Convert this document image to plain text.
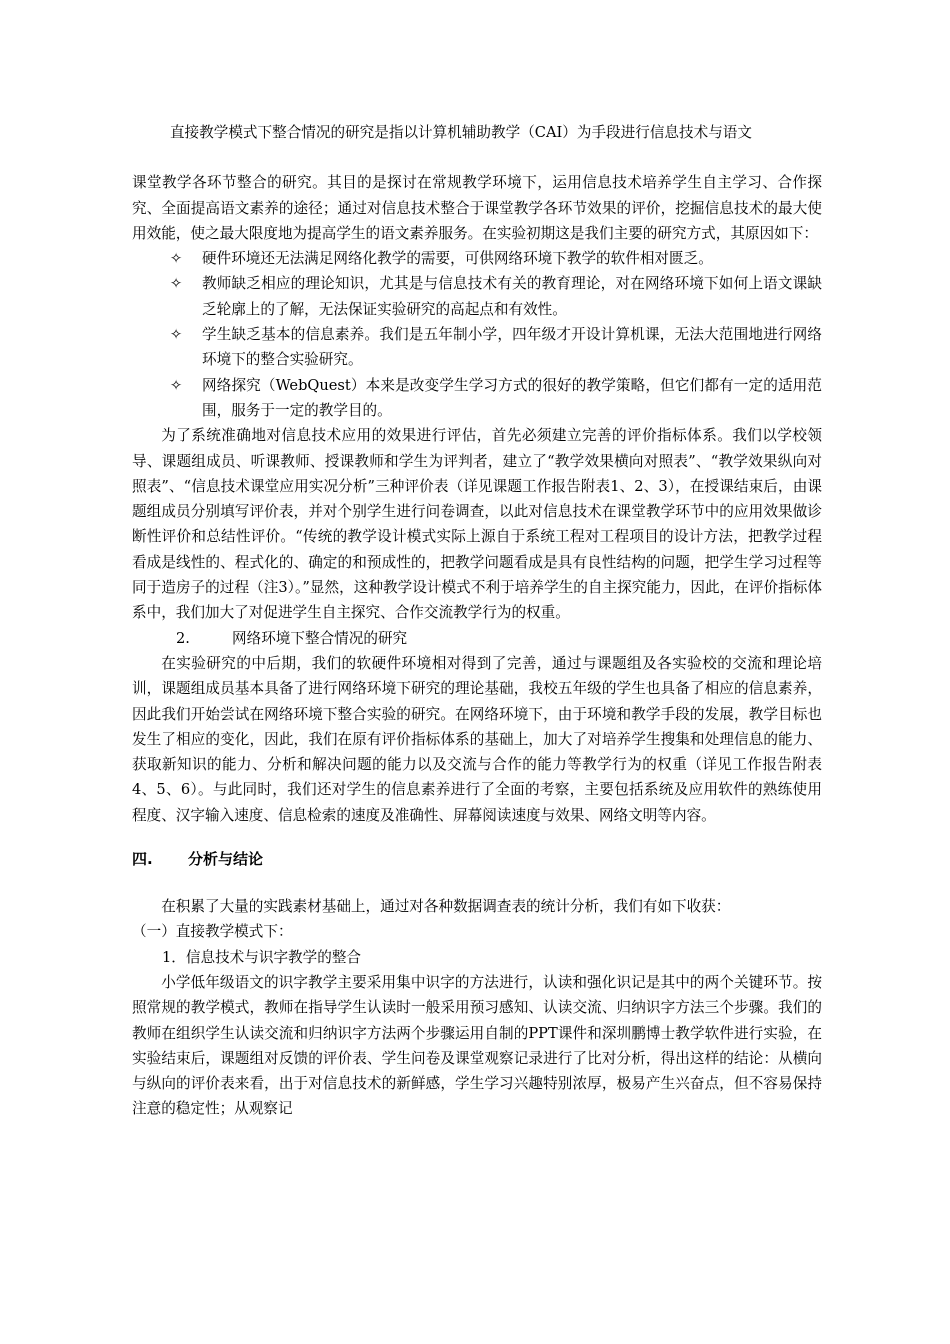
直接教学模式下整合情况的研究是指以计算机辅助教学（CAI）为手段进行信息技术与语文

课堂教学各环节整合的研究。其目的是探讨在常规教学环境下，运用信息技术培养学生自主学习、合作探究、全面提高语文素养的途径；通过对信息技术整合于课堂教学各环节效果的评价，挖掘信息技术的最大使用效能，使之最大限度地为提高学生的语文素养服务。在实验初期这是我们主要的研究方式，其原因如下：

✧ 硬件环境还无法满足网络化教学的需要，可供网络环境下教学的软件相对匮乏。
✧ 教师缺乏相应的理论知识，尤其是与信息技术有关的教育理论，对在网络环境下如何上语文课缺乏轮廓上的了解，无法保证实验研究的高起点和有效性。
✧ 学生缺乏基本的信息素养。我们是五年制小学，四年级才开设计算机课，无法大范围地进行网络环境下的整合实验研究。
✧ 网络探究（WebQuest）本来是改变学生学习方式的很好的教学策略，但它们都有一定的适用范围，服务于一定的教学目的。

为了系统准确地对信息技术应用的效果进行评估，首先必须建立完善的评价指标体系。我们以学校领导、课题组成员、听课教师、授课教师和学生为评判者，建立了“教学效果横向对照表”、“教学效果纵向对照表”、“信息技术课堂应用实况分析”三种评价表（详见课题工作报告附表1、2、3），在授课结束后，由课题组成员分别填写评价表，并对个别学生进行问卷调查，以此对信息技术在课堂教学环节中的应用效果做诊断性评价和总结性评价。“传统的教学设计模式实际上源自于系统工程对工程项目的设计方法，把教学过程看成是线性的、程式化的、确定的和预成性的，把教学问题看成是具有良性结构的问题，把学生学习过程等同于造房子的过程（注3）。”显然，这种教学设计模式不利于培养学生的自主探究能力，因此，在评价指标体系中，我们加大了对促进学生自主探究、合作交流教学行为的权重。

2.	网络环境下整合情况的研究

在实验研究的中后期，我们的软硬件环境相对得到了完善，通过与课题组及各实验校的交流和理论培训，课题组成员基本具备了进行网络环境下研究的理论基础，我校五年级的学生也具备了相应的信息素养，因此我们开始尝试在网络环境下整合实验的研究。在网络环境下，由于环境和教学手段的发展，教学目标也发生了相应的变化，因此，我们在原有评价指标体系的基础上，加大了对培养学生搜集和处理信息的能力、获取新知识的能力、分析和解决问题的能力以及交流与合作的能力等教学行为的权重（详见工作报告附表4、5、6）。与此同时，我们还对学生的信息素养进行了全面的考察，主要包括系统及应用软件的熟练使用程度、汉字输入速度、信息检索的速度及准确性、屏幕阅读速度与效果、网络文明等内容。

四. 分析与结论

在积累了大量的实践素材基础上，通过对各种数据调查表的统计分析，我们有如下收获：

（一）直接教学模式下：

1．信息技术与识字教学的整合

小学低年级语文的识字教学主要采用集中识字的方法进行，认读和强化识记是其中的两个关键环节。按照常规的教学模式，教师在指导学生认读时一般采用预习感知、认读交流、归纳识字方法三个步骤。我们的教师在组织学生认读交流和归纳识字方法两个步骤运用自制的PPT课件和深圳鹏博士教学软件进行实验，在实验结束后，课题组对反馈的评价表、学生问卷及课堂观察记录进行了比对分析，得出这样的结论：从横向与纵向的评价表来看，出于对信息技术的新鲜感，学生学习兴趣特别浓厚，极易产生兴奋点，但不容易保持注意的稳定性；从观察记
